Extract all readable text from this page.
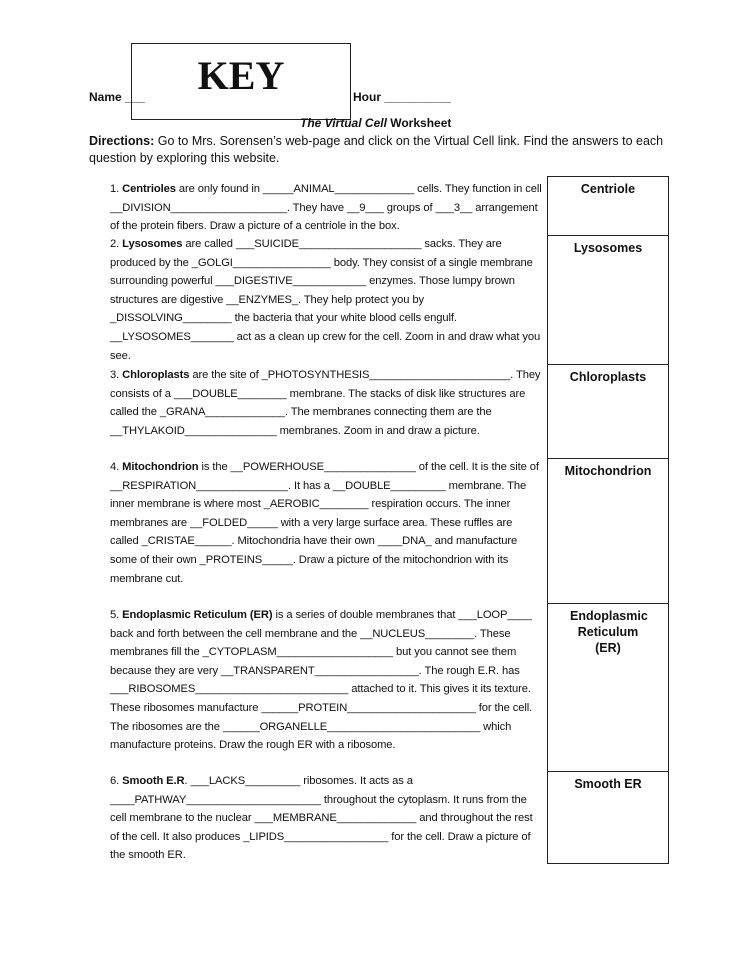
KEY
Name ___	Hour __________
The Virtual Cell Worksheet
Directions: Go to Mrs. Sorensen’s web-page and click on the Virtual Cell link. Find the answers to each question by exploring this website.
1. Centrioles are only found in _____ANIMAL_____________ cells. They function in cell __DIVISION___________________. They have __9___ groups of ___3__ arrangement of the protein fibers. Draw a picture of a centriole in the box.
2. Lysosomes are called ___SUICIDE____________________ sacks. They are produced by the _GOLGI________________ body. They consist of a single membrane surrounding powerful ___DIGESTIVE____________ enzymes. Those lumpy brown structures are digestive __ENZYMES_. They help protect you by _DISSOLVING________ the bacteria that your white blood cells engulf. __LYSOSOMES_______ act as a clean up crew for the cell. Zoom in and draw what you see.
3. Chloroplasts are the site of _PHOTOSYNTHESIS_______________________. They consists of a ___DOUBLE________ membrane. The stacks of disk like structures are called the _GRANA_____________. The membranes connecting them are the __THYLAKOID_______________ membranes. Zoom in and draw a picture.
4. Mitochondrion is the __POWERHOUSE_______________ of the cell. It is the site of __RESPIRATION_______________. It has a __DOUBLE_________ membrane. The inner membrane is where most _AEROBIC________ respiration occurs. The inner membranes are __FOLDED_____ with a very large surface area. These ruffles are called _CRISTAE______. Mitochondria have their own ____DNA_ and manufacture some of their own _PROTEINS_____. Draw a picture of the mitochondrion with its membrane cut.
5. Endoplasmic Reticulum (ER) is a series of double membranes that ___LOOP____ back and forth between the cell membrane and the __NUCLEUS________. These membranes fill the _CYTOPLASM___________________ but you cannot see them because they are very __TRANSPARENT_________________. The rough E.R. has ___RIBOSOMES_________________________ attached to it. This gives it its texture. These ribosomes manufacture ______PROTEIN_____________________ for the cell. The ribosomes are the ______ORGANELLE_________________________ which manufacture proteins. Draw the rough ER with a ribosome.
6. Smooth E.R. ___LACKS_________ ribosomes. It acts as a ____PATHWAY______________________ throughout the cytoplasm. It runs from the cell membrane to the nuclear ___MEMBRANE_____________ and throughout the rest of the cell. It also produces _LIPIDS_________________ for the cell. Draw a picture of the smooth ER.
Centriole
Lysosomes
Chloroplasts
Mitochondrion
Endoplasmic Reticulum (ER)
Smooth ER
